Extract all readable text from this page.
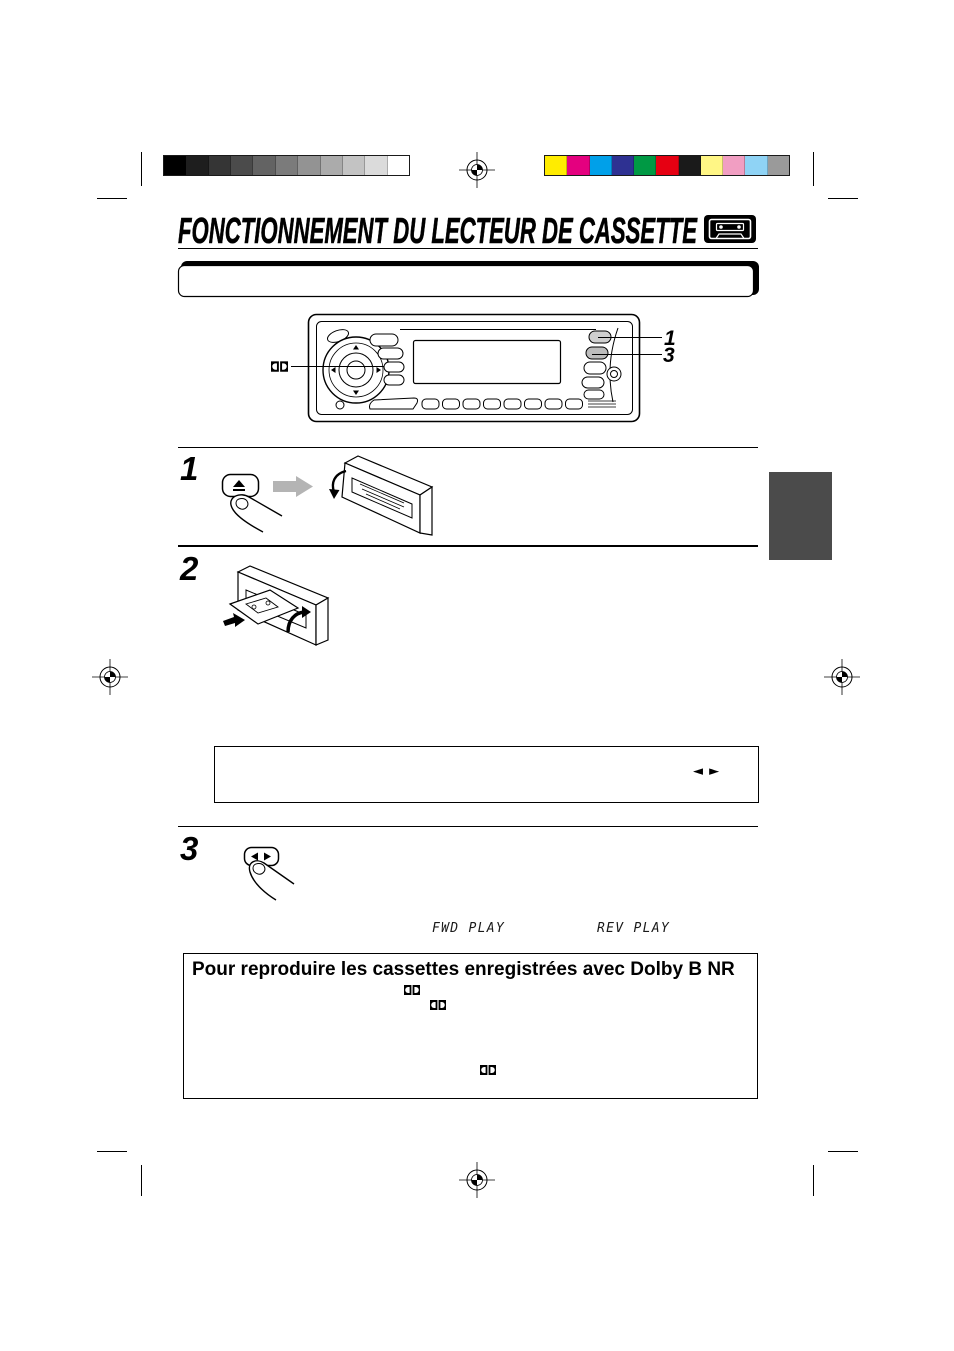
FONCTIONNEMENT DU LECTEUR DE CASSETTE
1
3
1
2
3
◄ ►
FWD PLAY	REV PLAY
Pour reproduire les cassettes enregistrées avec Dolby B NR
